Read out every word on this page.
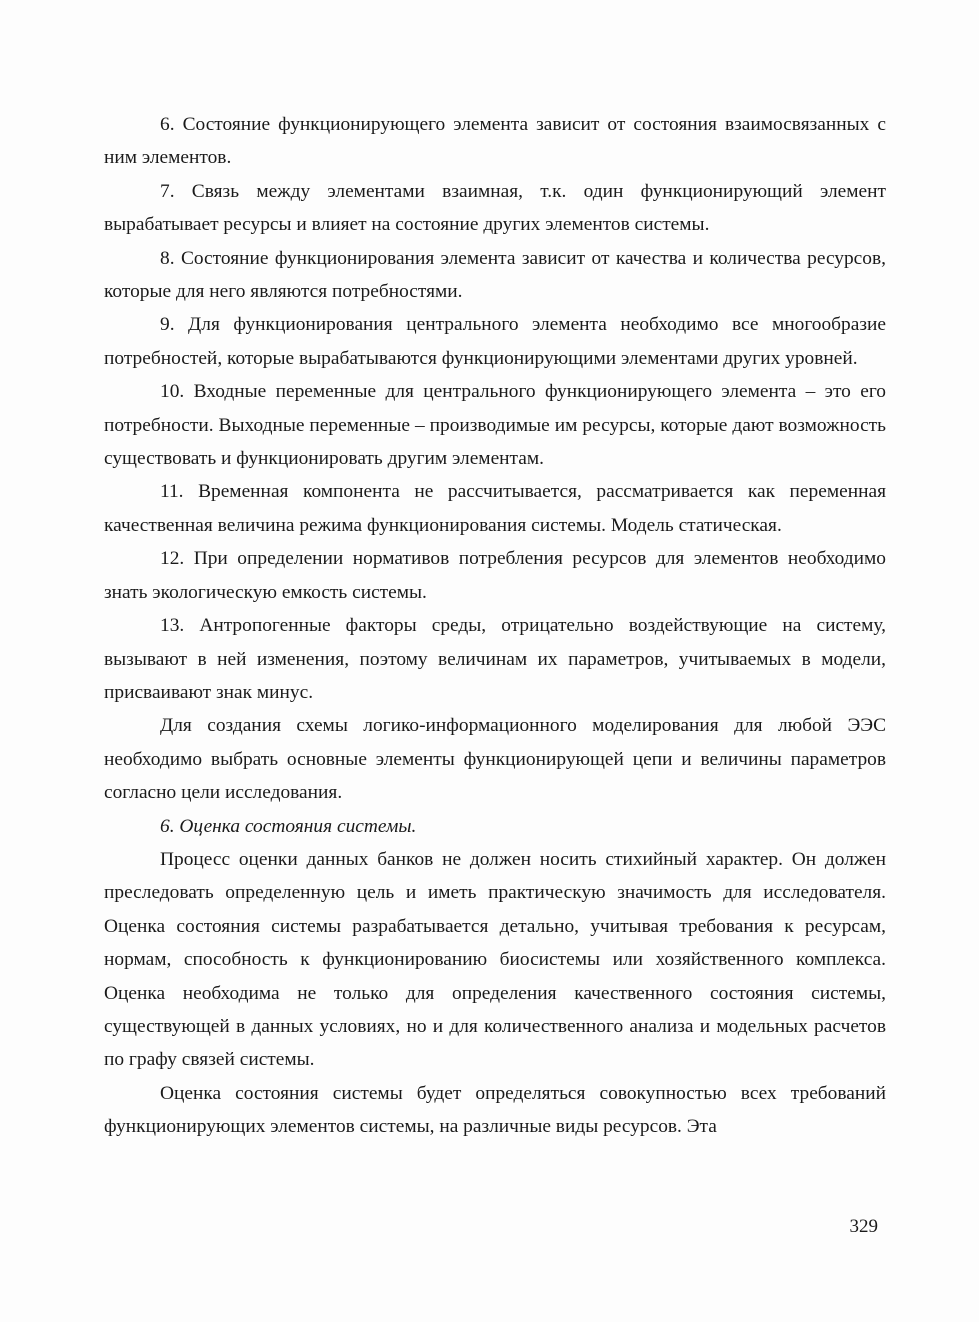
6. Состояние функционирующего элемента зависит от состояния взаимосвязанных с ним элементов.

7. Связь между элементами взаимная, т.к. один функционирующий элемент вырабатывает ресурсы и влияет на состояние других элементов системы.

8. Состояние функционирования элемента зависит от качества и количества ресурсов, которые для него являются потребностями.

9. Для функционирования центрального элемента необходимо все многообразие потребностей, которые вырабатываются функционирующими элементами других уровней.

10. Входные переменные для центрального функционирующего элемента – это его потребности. Выходные переменные – производимые им ресурсы, которые дают возможность существовать и функционировать другим элементам.

11. Временная компонента не рассчитывается, рассматривается как переменная качественная величина режима функционирования системы. Модель статическая.

12. При определении нормативов потребления ресурсов для элементов необходимо знать экологическую емкость системы.

13. Антропогенные факторы среды, отрицательно воздействующие на систему, вызывают в ней изменения, поэтому величинам их параметров, учитываемых в модели, присваивают знак минус.

Для создания схемы логико-информационного моделирования для любой ЭЭС необходимо выбрать основные элементы функционирующей цепи и величины параметров согласно цели исследования.

6. Оценка состояния системы.

Процесс оценки данных банков не должен носить стихийный характер. Он должен преследовать определенную цель и иметь практическую значимость для исследователя. Оценка состояния системы разрабатывается детально, учитывая требования к ресурсам, нормам, способность к функционированию биосистемы или хозяйственного комплекса. Оценка необходима не только для определения качественного состояния системы, существующей в данных условиях, но и для количественного анализа и модельных расчетов по графу связей системы.

Оценка состояния системы будет определяться совокупностью всех требований функционирующих элементов системы, на различные виды ресурсов. Эта

329
